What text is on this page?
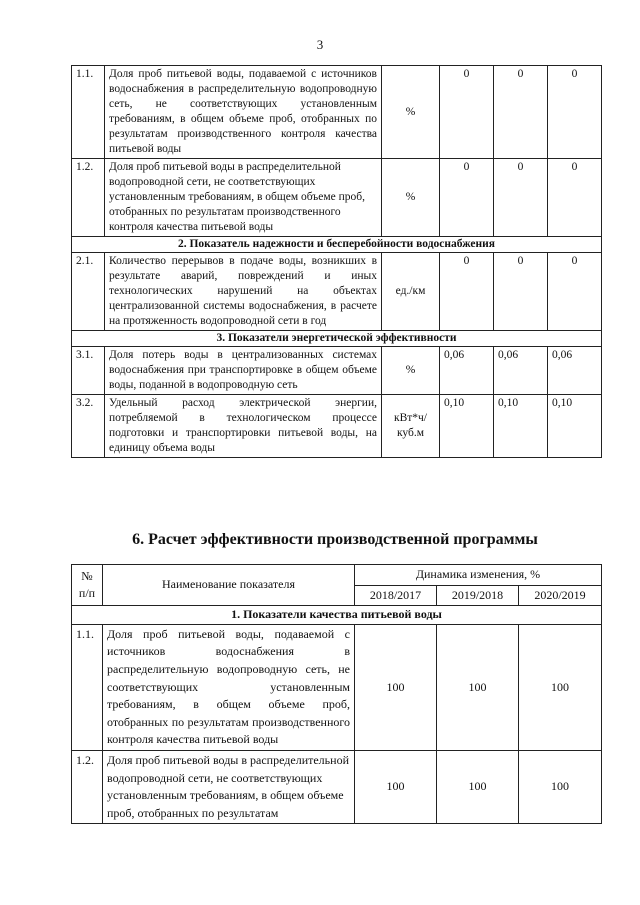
3
1.1.	Доля проб питьевой воды, подаваемой с источников водоснабжения в распределительную водопроводную сеть, не соответствующих установленным требованиям, в общем объеме проб, отобранных по результатам производственного контроля качества питьевой воды	%	0	0	0
1.2.	Доля проб питьевой воды в распределительной водопроводной сети, не соответствующих установленным требованиям, в общем объеме проб, отобранных по результатам производственного контроля качества питьевой воды	%	0	0	0
2. Показатель надежности и бесперебойности водоснабжения					
2.1.	Количество перерывов в подаче воды, возникших в результате аварий, повреждений и иных технологических нарушений на объектах централизованной системы водоснабжения, в расчете на протяженность водопроводной сети в год	ед./км	0	0	0
3. Показатели энергетической эффективности					
3.1.	Доля потерь воды в централизованных системах водоснабжения при транспортировке в общем объеме воды, поданной в водопроводную сеть	%	0,06	0,06	0,06
3.2.	Удельный расход электрической энергии, потребляемой в технологическом процессе подготовки и транспортировки питьевой воды, на единицу объема воды	кВт*ч/
куб.м	0,10	0,10	0,10
6. Расчет эффективности производственной программы
№
п/п	Наименование показателя	Динамика изменения, %		
		2018/2017	2019/2018	2020/2019
1. Показатели качества питьевой воды				
1.1.	Доля проб питьевой воды, подаваемой с источников водоснабжения в распределительную водопроводную сеть, не соответствующих установленным требованиям, в общем объеме проб, отобранных по результатам производственного контроля качества питьевой воды	100	100	100
1.2.	Доля проб питьевой воды в распределительной водопроводной сети, не соответствующих установленным требованиям, в общем объеме проб, отобранных по результатам	100	100	100
